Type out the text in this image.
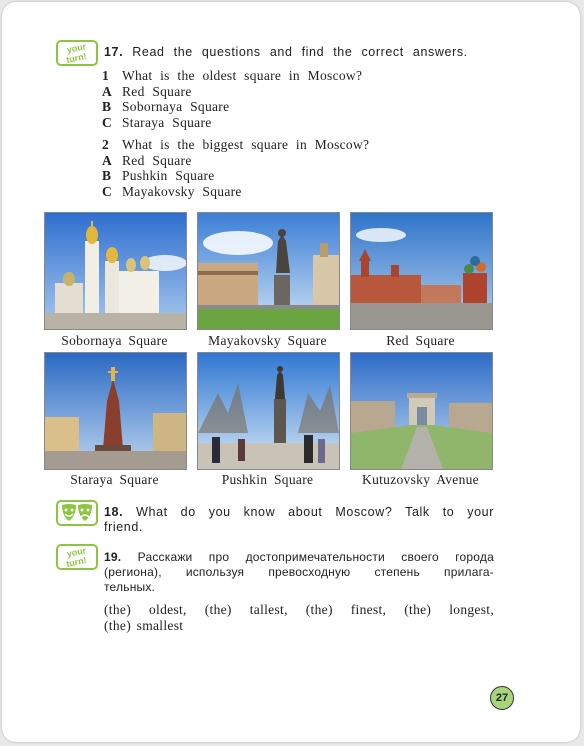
your
turn! 17. Read the questions and find the correct answers.
1 What is the oldest square in Moscow?
A Red Square
B Sobornaya Square
C Staraya Square
2 What is the biggest square in Moscow?
A Red Square
B Pushkin Square
C Mayakovsky Square
Sobornaya Square	Mayakovsky Square	Red Square
Staraya Square	Pushkin Square	Kutuzovsky Avenue
18. What do you know about Moscow? Talk to your
friend.
your
turn! 19. Расскажи про достопримечательности своего города
(региона), используя превосходную степень прилага-
тельных.
(the) oldest, (the) tallest, (the) finest, (the) longest,
(the) smallest
27
